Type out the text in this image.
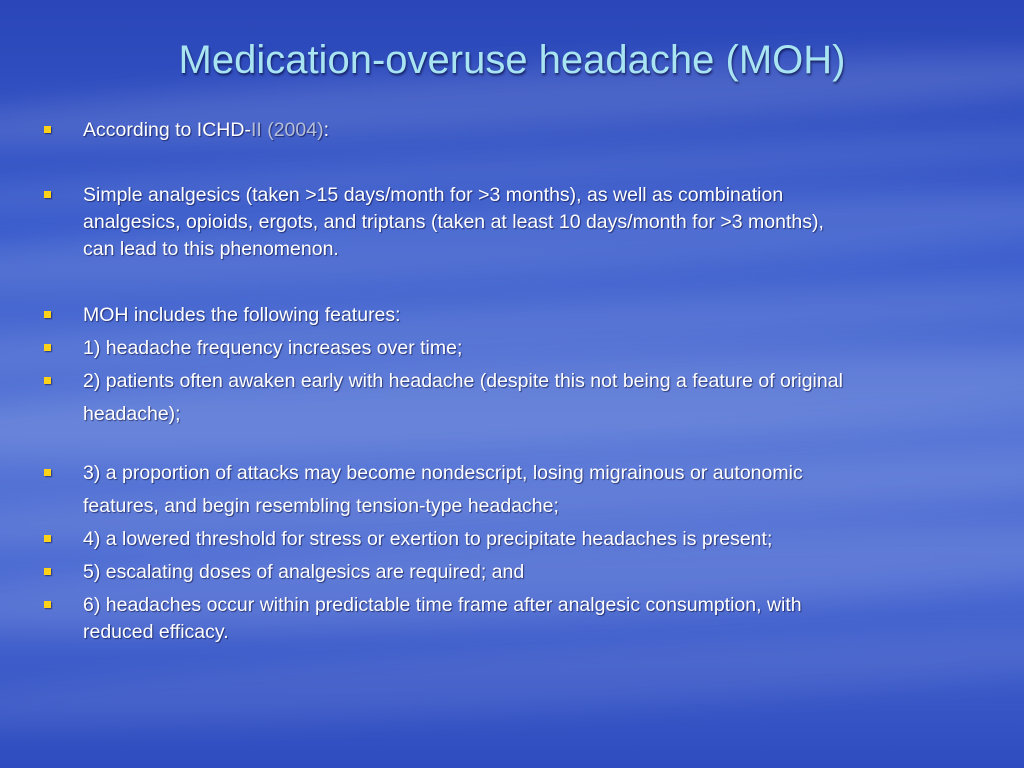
Medication-overuse headache (MOH)
According to ICHD-II (2004):
Simple analgesics (taken >15 days/month for >3 months), as well as combination
analgesics, opioids, ergots, and triptans (taken at least 10 days/month for >3 months),
can lead to this phenomenon.
MOH includes the following features:
1) headache frequency increases over time;
2) patients often awaken early with headache (despite this not being a feature of original
headache);
3) a proportion of attacks may become nondescript, losing migrainous or autonomic
features, and begin resembling tension-type headache;
4) a lowered threshold for stress or exertion to precipitate headaches is present;
5) escalating doses of analgesics are required; and
6) headaches occur within predictable time frame after analgesic consumption, with
reduced efficacy.
